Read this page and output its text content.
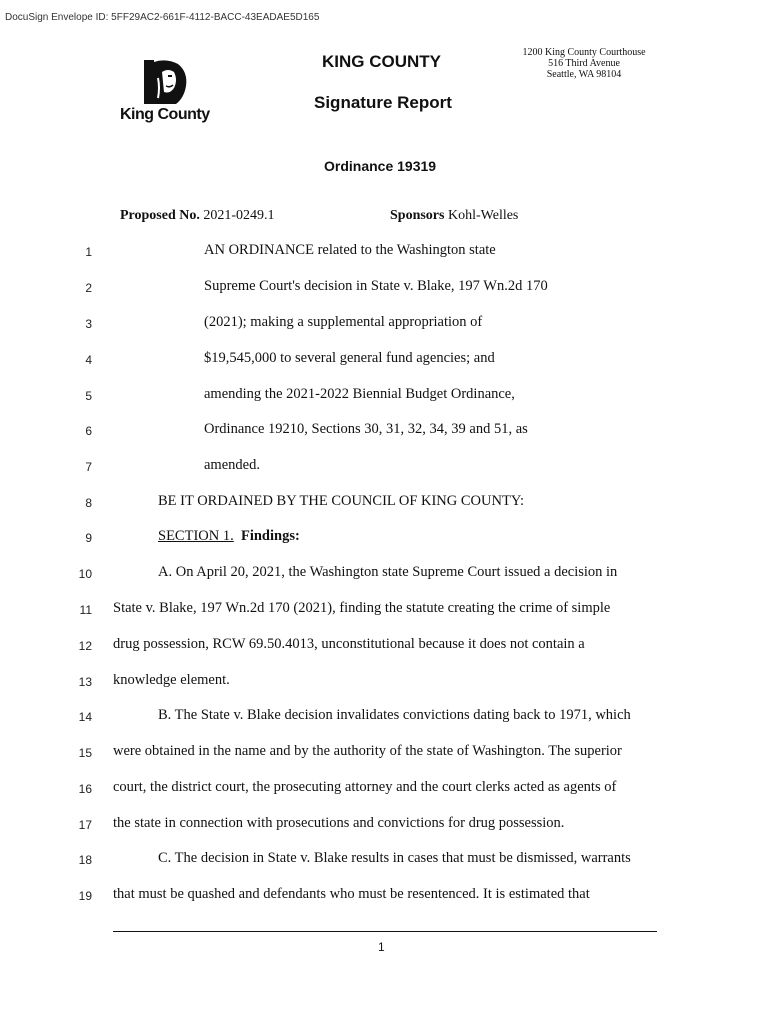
DocuSign Envelope ID: 5FF29AC2-661F-4112-BACC-43EADAE5D165
King County
KING COUNTY	1200 King County Courthouse
516 Third Avenue
Seattle, WA 98104
Signature Report
Ordinance 19319
Proposed No. 2021-0249.1	Sponsors Kohl-Welles
1
2
3
4
5
6
7
8
9
10
11
12
13
14
15
16
17
18
19
AN ORDINANCE related to the Washington state
Supreme Court's decision in State v. Blake, 197 Wn.2d 170
(2021); making a supplemental appropriation of
$19,545,000 to several general fund agencies; and
amending the 2021-2022 Biennial Budget Ordinance,
Ordinance 19210, Sections 30, 31, 32, 34, 39 and 51, as
amended.
BE IT ORDAINED BY THE COUNCIL OF KING COUNTY:
SECTION 1. Findings:
A. On April 20, 2021, the Washington state Supreme Court issued a decision in
State v. Blake, 197 Wn.2d 170 (2021), finding the statute creating the crime of simple
drug possession, RCW 69.50.4013, unconstitutional because it does not contain a
knowledge element.
B. The State v. Blake decision invalidates convictions dating back to 1971, which
were obtained in the name and by the authority of the state of Washington. The superior
court, the district court, the prosecuting attorney and the court clerks acted as agents of
the state in connection with prosecutions and convictions for drug possession.
C. The decision in State v. Blake results in cases that must be dismissed, warrants
that must be quashed and defendants who must be resentenced. It is estimated that
1
